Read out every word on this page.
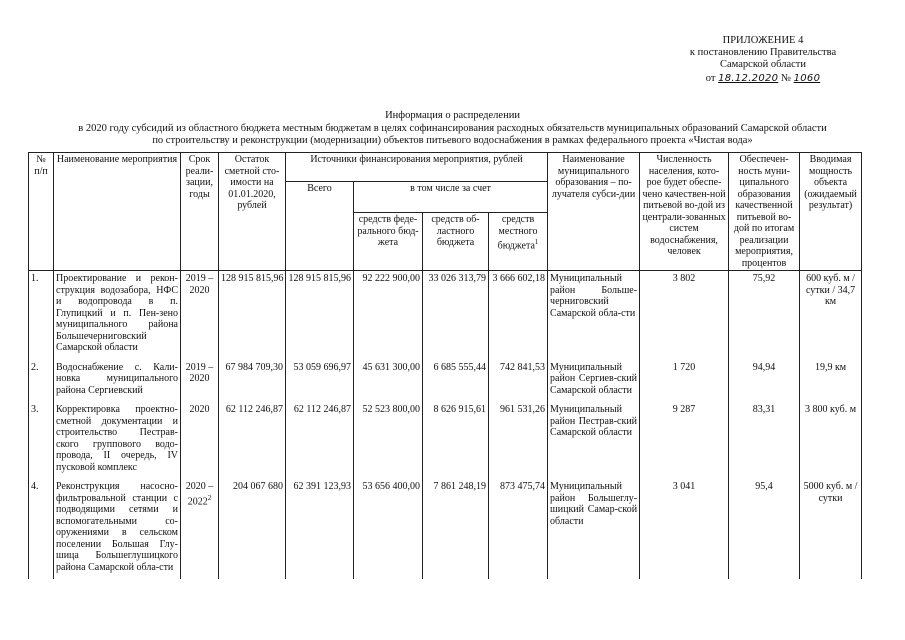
ПРИЛОЖЕНИЕ 4
к постановлению Правительства
Самарской области
от 18.12.2020 № 1060
Информация о распределении
в 2020 году субсидий из областного бюджета местным бюджетам в целях софинансирования расходных обязательств муниципальных образований Самарской области
по строительству и реконструкции (модернизации) объектов питьевого водоснабжения в рамках федерального проекта «Чистая вода»
№ п/п	Наименование мероприятия	Срок реали-зации, годы	Остаток сметной сто-имости на 01.01.2020, рублей	Источники финансирования мероприятия, рублей				Наименование муниципального образования – по-лучателя субси-дии	Численность населения, кото-рое будет обеспе-чено качествен-ной питьевой во-дой из централи-зованных систем водоснабжения, человек	Обеспечен-ность муни-ципального образования качественной питьевой во-дой по итогам реализации мероприятия, процентов	Вводимая мощность объекта (ожидаемый результат)
				Всего	в том числе за счет						
					средств феде-рального бюд-жета	средств об-ластного бюджета	средств местного бюджета$^1$
1.	Проектирование и рекон-струкция водозабора, НФС и водопровода в п. Глупицкий и п. Пен-зено муниципального района Большечерниговский Самарской области	2019 – 2020	128 915 815,96	128 915 815,96	92 222 900,00	33 026 313,79	3 666 602,18	Муниципальный район Больше-черниговский Самарской обла-сти	3 802	75,92	600 куб. м / сутки / 34,7 км
2.	Водоснабжение с. Кали-новка муниципального района Сергиевский	2019 – 2020	67 984 709,30	53 059 696,97	45 631 300,00	6 685 555,44	742 841,53	Муниципальный район Сергиев-ский Самарской области	1 720	94,94	19,9 км
3.	Корректировка проектно-сметной документации и строительство Пестрав-ского группового водо-провода, II очередь, IV пусковой комплекс	2020	62 112 246,87	62 112 246,87	52 523 800,00	8 626 915,61	961 531,26	Муниципальный район Пестрав-ский Самарской области	9 287	83,31	3 800 куб. м
4.	Реконструкция насосно-фильтровальной станции с подводящими сетями и вспомогательными со-оружениями в сельском поселении Большая Глу-шица Большеглушицкого района Самарской обла-сти	2020 – 2022$^2$	204 067 680	62 391 123,93	53 656 400,00	7 861 248,19	873 475,74	Муниципальный район Большеглу-шицкий Самар-ской области	3 041	95,4	5000 куб. м / сутки
